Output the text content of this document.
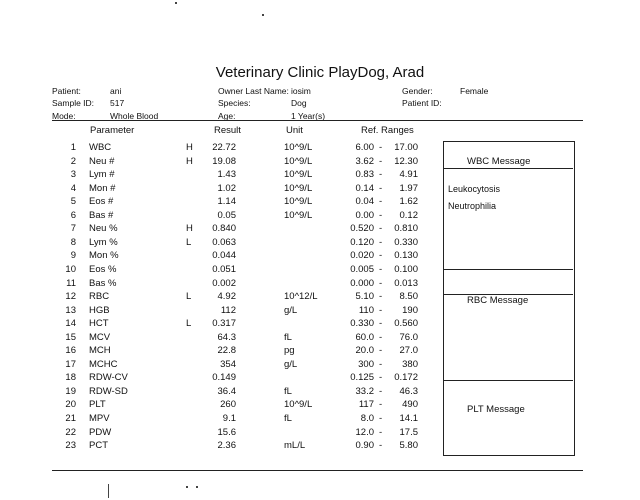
Veterinary Clinic PlayDog, Arad
Patient:	ani
Sample ID: 517
Mode:	Whole Blood
Owner Last Name: iosim
Species:	Dog
Age:	1 Year(s)
Gender:	Female
Patient ID:
Parameter	Result	Unit	Ref. Ranges
1 WBC	H	22.72	10^9/L	6.00 -	17.00
2 Neu #	H	19.08	10^9/L	3.62 -	12.30
3 Lym #	1.43	10^9/L	0.83 -	4.91
4 Mon #	1.02	10^9/L	0.14 -	1.97
5 Eos #	1.14	10^9/L	0.04 -	1.62
6 Bas #	0.05	10^9/L	0.00 -	0.12
7 Neu %	H	0.840	0.520 -	0.810
8 Lym %	L	0.063	0.120 -	0.330
9 Mon %	0.044	0.020 -	0.130
10 Eos %	0.051	0.005 -	0.100
11 Bas %	0.002	0.000 -	0.013
12 RBC	L	4.92	10^12/L	5.10 -	8.50
13 HGB	112	g/L	110 -	190
14 HCT	L	0.317	0.330 -	0.560
15 MCV	64.3	fL	60.0 -	76.0
16 MCH	22.8	pg	20.0 -	27.0
17 MCHC	354	g/L	300 -	380
18 RDW-CV	0.149	0.125 -	0.172
19 RDW-SD	36.4	fL	33.2 -	46.3
20 PLT	260	10^9/L	117 -	490
21 MPV	9.1	fL	8.0 -	14.1
22 PDW	15.6	12.0 -	17.5
23 PCT	2.36	mL/L	0.90 -	5.80
WBC Message
Leukocytosis
Neutrophilia
RBC Message
PLT Message
